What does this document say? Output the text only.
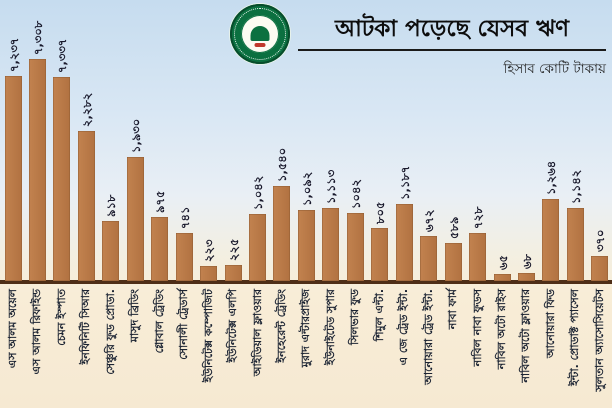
আটকা পড়েছে যেসব ঋণ
হিসাব কোটি টাকায়
৭,২৩৭
এস আলম অয়েল
৭,৩০৮
এস আলম রিফাইন্ড
৭,৩৩৭
চেমন ইস্পাত
২,২৮২
ইনফিনিটি সিআর
৯১৮
সেঞ্চুরি ফুড প্রোডা.
১,৯৩০
মাসুদ ব্রিডিং
৯৭৫
গ্লোবাল ট্রেডিং
৭৪১
সোনালী ট্রেডার্স
২২৩
ইউনিটেক্স কম্পোজিট
২২৫
ইউনিটেক্স এলপি
১,০৪২
আইডিয়াল ফ্লাওয়ার
১,৫৪০
ইনহেরেন্ট ট্রেডিং
১,০৯২
মুরাদ এন্টারপ্রাইজ
১,১১৩
ইউনাইটেড সুপার
১০৪২
সিলভার ফুড
৮০৫
শিমুল এন্টা.
১,১৮৭
এ জে ট্রেড ইন্টা.
৬৭২
আনোয়ারা ট্রেড ইন্টা.
৫৮৯
নাবা ফার্ম
৭২৮
নাবিল নাবা ফুডস
৬৫
নাবিল অটো রাইস
৬৮
নাবিল অটো ফ্লাওয়ার
১,২৬৪
আনোয়ারা ফিড
১,১৪২
ইন্টা. প্রোডাক্ট প্যাসেল
৩৭০
সুলতান অ্যাসোসিয়েটস
